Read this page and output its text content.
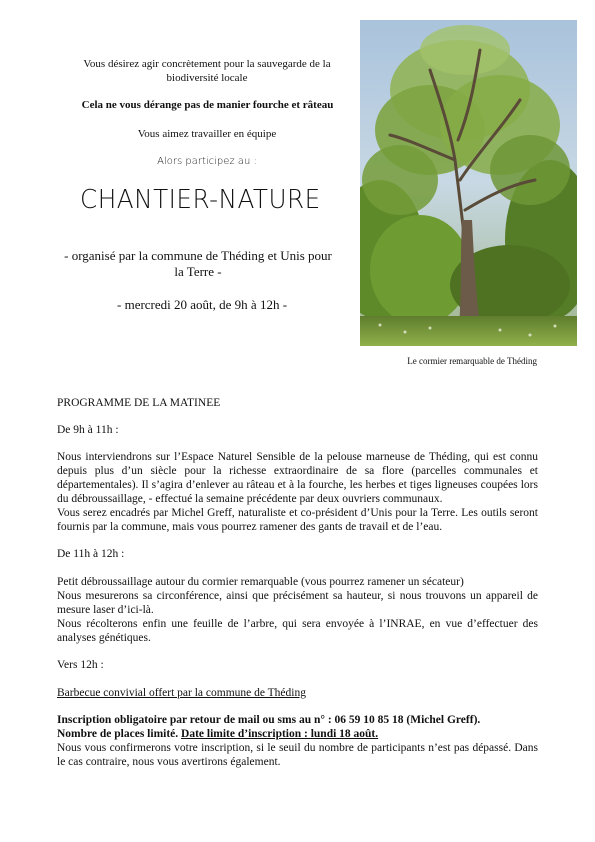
Vous désirez agir concrètement pour la sauvegarde de la biodiversité locale
Cela ne vous dérange pas de manier fourche et râteau
Vous aimez travailler en équipe
Alors participez au :
CHANTIER-NATURE
- organisé par la commune de Théding et Unis pour la Terre -
- mercredi 20 août, de 9h à 12h -
Le cormier remarquable de Théding
PROGRAMME DE LA MATINEE
De 9h à 11h :

Nous interviendrons sur l’Espace Naturel Sensible de la pelouse marneuse de Théding, qui est connu depuis plus d’un siècle pour la richesse extraordinaire de sa flore (parcelles communales et départementales). Il s’agira d’enlever au râteau et à la fourche, les herbes et tiges ligneuses coupées lors du débroussaillage, - effectué la semaine précédente par deux ouvriers communaux.

Vous serez encadrés par Michel Greff, naturaliste et co-président d’Unis pour la Terre. Les outils seront fournis par la commune, mais vous pourrez ramener des gants de travail et de l’eau.

De 11h à 12h :

Petit débroussaillage autour du cormier remarquable (vous pourrez ramener un sécateur)

Nous mesurerons sa circonférence, ainsi que précisément sa hauteur, si nous trouvons un appareil de mesure laser d’ici-là.

Nous récolterons enfin une feuille de l’arbre, qui sera envoyée à l’INRAE, en vue d’effectuer des analyses génétiques.

Vers 12h :
Barbecue convivial offert par la commune de Théding

Inscription obligatoire par retour de mail ou sms au n° : 06 59 10 85 18 (Michel Greff).

Nombre de places limité. Date limite d’inscription : lundi 18 août.

Nous vous confirmerons votre inscription, si le seuil du nombre de participants n’est pas dépassé. Dans le cas contraire, nous vous avertirons également.
